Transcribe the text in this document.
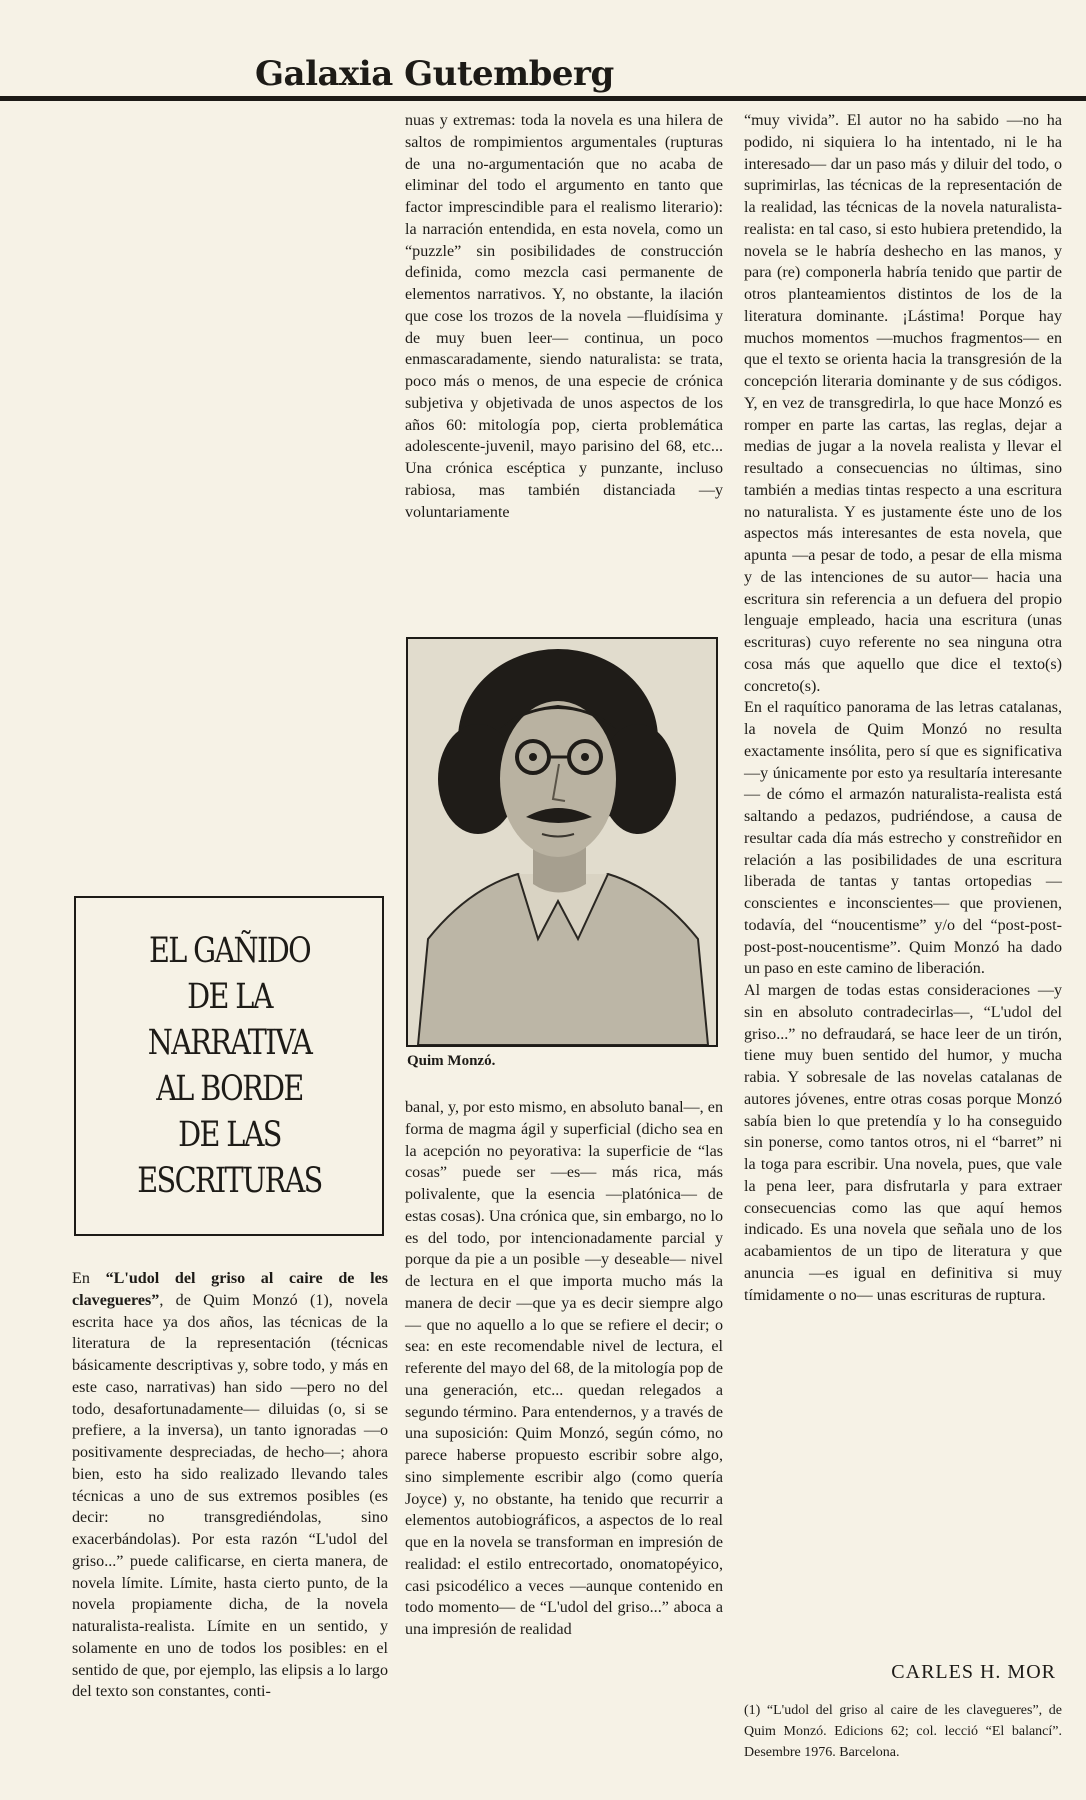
Galaxia Gutemberg
EL GAÑIDO
DE LA
NARRATIVA
AL BORDE
DE LAS
ESCRITURAS

En “L'udol del griso al caire de les clavegueres”, de Quim Monzó (1), novela escrita hace ya dos años, las técnicas de la literatura de la representación (técnicas básicamente descriptivas y, sobre todo, y más en este caso, narrativas) han sido —pero no del todo, desafortunadamente— diluidas (o, si se prefiere, a la inversa), un tanto ignoradas —o positivamente despreciadas, de hecho—; ahora bien, esto ha sido realizado llevando tales técnicas a uno de sus extremos posibles (es decir: no transgrediéndolas, sino exacerbándolas). Por esta razón “L'udol del griso...” puede calificarse, en cierta manera, de novela límite. Límite, hasta cierto punto, de la novela propiamente dicha, de la novela naturalista-realista. Límite en un sentido, y solamente en uno de todos los posibles: en el sentido de que, por ejemplo, las elipsis a lo largo del texto son constantes, conti-

nuas y extremas: toda la novela es una hilera de saltos de rompimientos argumentales (rupturas de una no-argumentación que no acaba de eliminar del todo el argumento en tanto que factor imprescindible para el realismo literario): la narración entendida, en esta novela, como un “puzzle” sin posibilidades de construcción definida, como mezcla casi permanente de elementos narrativos. Y, no obstante, la ilación que cose los trozos de la novela —fluidísima y de muy buen leer— continua, un poco enmascaradamente, siendo naturalista: se trata, poco más o menos, de una especie de crónica subjetiva y objetivada de unos aspectos de los años 60: mitología pop, cierta problemática adolescente-juvenil, mayo parisino del 68, etc... Una crónica escéptica y punzante, incluso rabiosa, mas también distanciada —y voluntariamente

Quim Monzó.

banal, y, por esto mismo, en absoluto banal—, en forma de magma ágil y superficial (dicho sea en la acepción no peyorativa: la superficie de “las cosas” puede ser —es— más rica, más polivalente, que la esencia —platónica— de estas cosas). Una crónica que, sin embargo, no lo es del todo, por intencionadamente parcial y porque da pie a un posible —y deseable— nivel de lectura en el que importa mucho más la manera de decir —que ya es decir siempre algo— que no aquello a lo que se refiere el decir; o sea: en este recomendable nivel de lectura, el referente del mayo del 68, de la mitología pop de una generación, etc... quedan relegados a segundo término. Para entendernos, y a través de una suposición: Quim Monzó, según cómo, no parece haberse propuesto escribir sobre algo, sino simplemente escribir algo (como quería Joyce) y, no obstante, ha tenido que recurrir a elementos autobiográficos, a aspectos de lo real que en la novela se transforman en impresión de realidad: el estilo entrecortado, onomatopéyico, casi psicodélico a veces —aunque contenido en todo momento— de “L'udol del griso...” aboca a una impresión de realidad

“muy vivida”. El autor no ha sabido —no ha podido, ni siquiera lo ha intentado, ni le ha interesado— dar un paso más y diluir del todo, o suprimirlas, las técnicas de la representación de la realidad, las técnicas de la novela naturalista-realista: en tal caso, si esto hubiera pretendido, la novela se le habría deshecho en las manos, y para (re) componerla habría tenido que partir de otros planteamientos distintos de los de la literatura dominante. ¡Lástima! Porque hay muchos momentos —muchos fragmentos— en que el texto se orienta hacia la transgresión de la concepción literaria dominante y de sus códigos. Y, en vez de transgredirla, lo que hace Monzó es romper en parte las cartas, las reglas, dejar a medias de jugar a la novela realista y llevar el resultado a consecuencias no últimas, sino también a medias tintas respecto a una escritura no naturalista. Y es justamente éste uno de los aspectos más interesantes de esta novela, que apunta —a pesar de todo, a pesar de ella misma y de las intenciones de su autor— hacia una escritura sin referencia a un defuera del propio lenguaje empleado, hacia una escritura (unas escrituras) cuyo referente no sea ninguna otra cosa más que aquello que dice el texto(s) concreto(s).

En el raquítico panorama de las letras catalanas, la novela de Quim Monzó no resulta exactamente insólita, pero sí que es significativa —y únicamente por esto ya resultaría interesante— de cómo el armazón naturalista-realista está saltando a pedazos, pudriéndose, a causa de resultar cada día más estrecho y constreñidor en relación a las posibilidades de una escritura liberada de tantas y tantas ortopedias —conscientes e inconscientes— que provienen, todavía, del “noucentisme” y/o del “post-post-post-post-noucentisme”. Quim Monzó ha dado un paso en este camino de liberación.

Al margen de todas estas consideraciones —y sin en absoluto contradecirlas—, “L'udol del griso...” no defraudará, se hace leer de un tirón, tiene muy buen sentido del humor, y mucha rabia. Y sobresale de las novelas catalanas de autores jóvenes, entre otras cosas porque Monzó sabía bien lo que pretendía y lo ha conseguido sin ponerse, como tantos otros, ni el “barret” ni la toga para escribir. Una novela, pues, que vale la pena leer, para disfrutarla y para extraer consecuencias como las que aquí hemos indicado. Es una novela que señala uno de los acabamientos de un tipo de literatura y que anuncia —es igual en definitiva si muy tímidamente o no— unas escrituras de ruptura.

CARLES H. MOR

(1) “L'udol del griso al caire de les clavegueres”, de Quim Monzó. Edicions 62; col. lecció “El balancí”. Desembre 1976. Barcelona.
